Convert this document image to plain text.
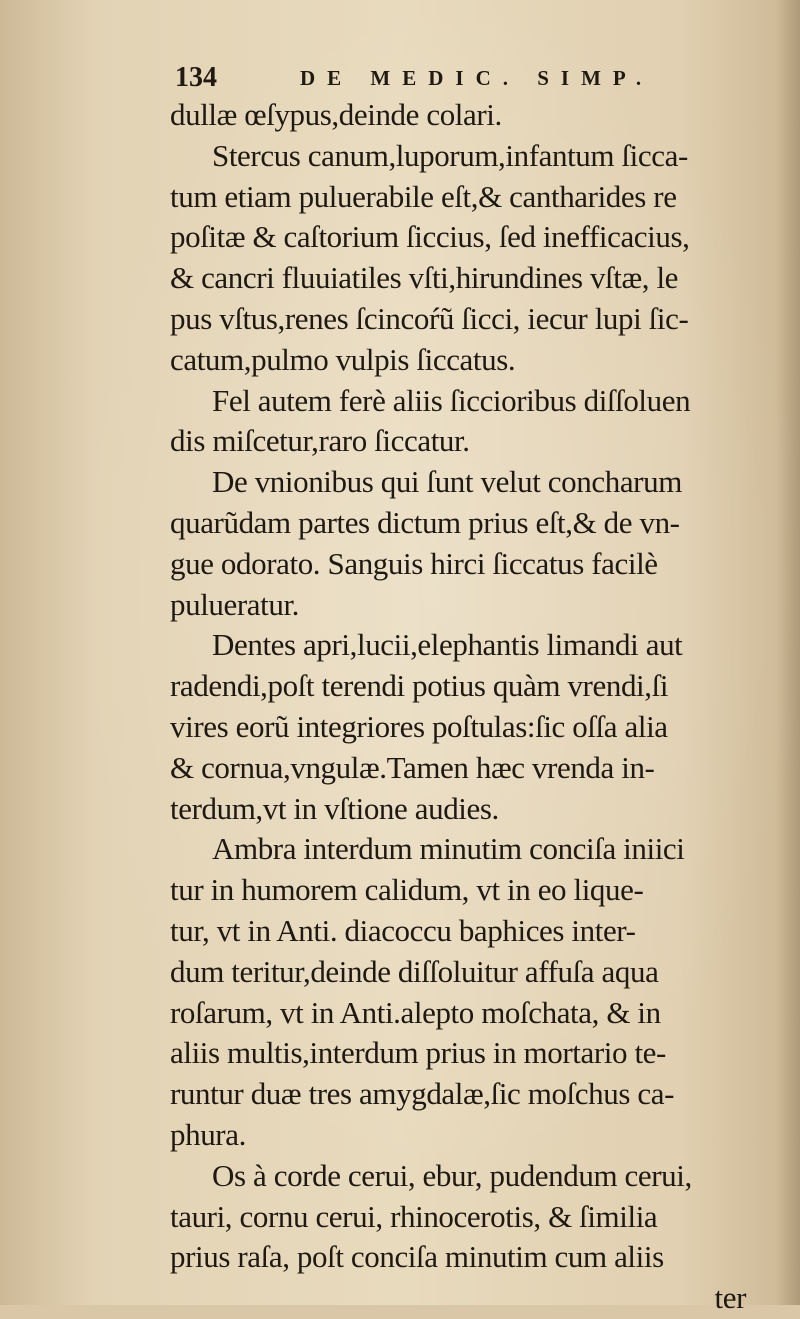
134	DE MEDIC. SIMP.
dullæ œſypus,deinde colari.
Stercus canum,luporum,infantum ſicca-
tum etiam puluerabile eſt,& cantharides re
poſitæ & caſtorium ſiccius, ſed inefficacius,
& cancri fluuiatiles vſti,hirundines vſtæ, le
pus vſtus,renes ſcincoŕũ ſicci, iecur lupi ſic-
catum,pulmo vulpis ſiccatus.
Fel autem ferè aliis ſiccioribus diſſoluen
dis miſcetur,raro ſiccatur.
De vnionibus qui ſunt velut concharum
quarũdam partes dictum prius eſt,& de vn-
gue odorato. Sanguis hirci ſiccatus facilè
pulueratur.
Dentes apri,lucii,elephantis limandi aut
radendi,poſt terendi potius quàm vrendi,ſi
vires eorũ integriores poſtulas:ſic oſſa alia
& cornua,vngulæ.Tamen hæc vrenda in-
terdum,vt in vſtione audies.
Ambra interdum minutim conciſa iniici
tur in humorem calidum, vt in eo lique-
tur, vt in Anti. diacoccu baphices inter-
dum teritur,deinde diſſoluitur affuſa aqua
roſarum, vt in Anti.alepto moſchata, & in
aliis multis,interdum prius in mortario te-
runtur duæ tres amygdalæ,ſic moſchus ca-
phura.
Os à corde cerui, ebur, pudendum cerui,
tauri, cornu cerui, rhinocerotis, & ſimilia
prius raſa, poſt conciſa minutim cum aliis
ter
